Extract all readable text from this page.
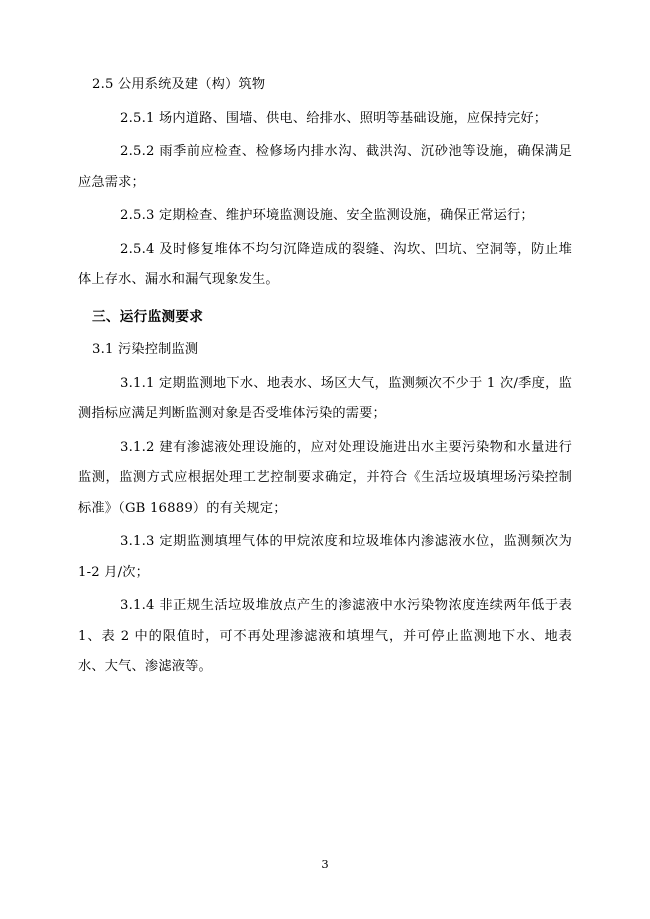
2.5 公用系统及建（构）筑物

2.5.1 场内道路、围墙、供电、给排水、照明等基础设施，应保持完好；

2.5.2 雨季前应检查、检修场内排水沟、截洪沟、沉砂池等设施，确保满足应急需求；

2.5.3 定期检查、维护环境监测设施、安全监测设施，确保正常运行；

2.5.4 及时修复堆体不均匀沉降造成的裂缝、沟坎、凹坑、空洞等，防止堆体上存水、漏水和漏气现象发生。

三、运行监测要求

3.1 污染控制监测

3.1.1 定期监测地下水、地表水、场区大气，监测频次不少于 1 次/季度，监测指标应满足判断监测对象是否受堆体污染的需要；

3.1.2 建有渗滤液处理设施的，应对处理设施进出水主要污染物和水量进行监测，监测方式应根据处理工艺控制要求确定，并符合《生活垃圾填埋场污染控制标准》（GB 16889）的有关规定；

3.1.3 定期监测填埋气体的甲烷浓度和垃圾堆体内渗滤液水位，监测频次为 1-2 月/次；

3.1.4 非正规生活垃圾堆放点产生的渗滤液中水污染物浓度连续两年低于表 1、表 2 中的限值时，可不再处理渗滤液和填埋气，并可停止监测地下水、地表水、大气、渗滤液等。

3
